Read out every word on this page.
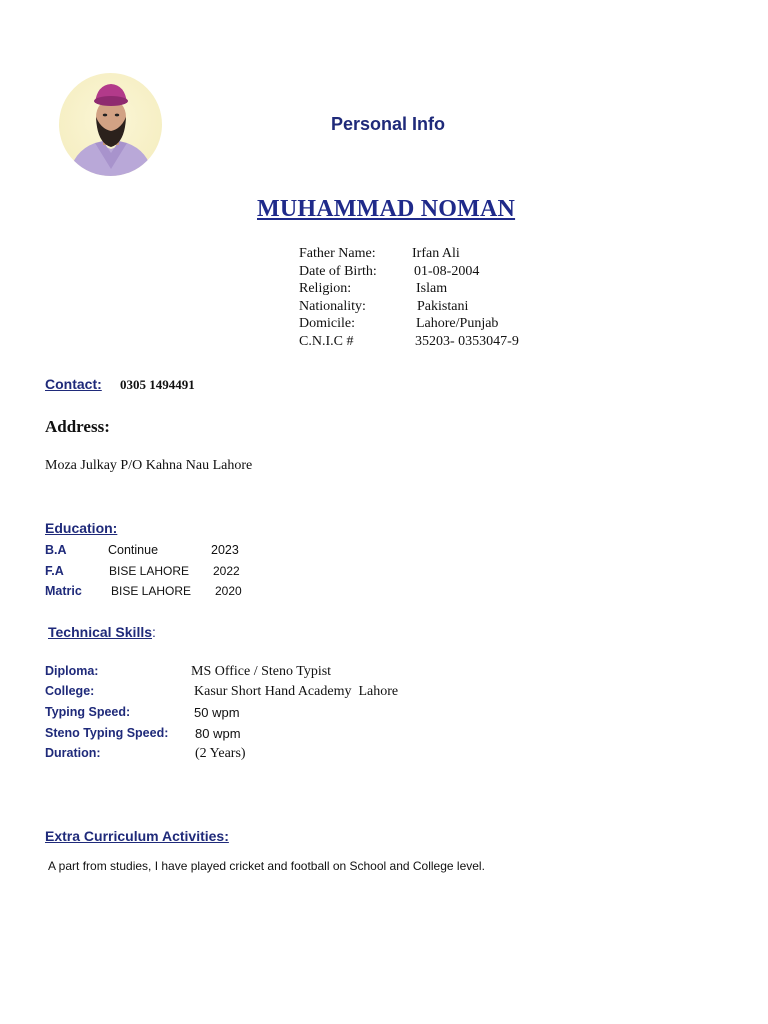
Personal Info
MUHAMMAD NOMAN
Father Name:	Irfan Ali
Date of Birth:	01-08-2004
Religion:	Islam
Nationality:	Pakistani
Domicile:	Lahore/Punjab
C.N.I.C #	35203- 0353047-9
Contact: 0305 1494491
Address:
Moza Julkay P/O Kahna Nau Lahore
Education:
B.A	Continue	2023
F.A	BISE LAHORE 2022
Matric BISE LAHORE 2020
Technical Skills:
Diploma:	MS Office / Steno Typist
College:	Kasur Short Hand Academy  Lahore
Typing Speed:	50 wpm
Steno Typing Speed: 80 wpm
Duration:	(2 Years)
Extra Curriculum Activities:
A part from studies, I have played cricket and football on School and College level.
